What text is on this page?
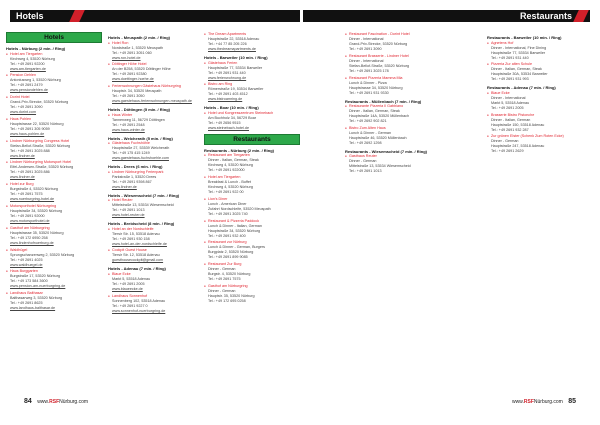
Hotels	Restaurants
Hotels
Hotels - Nürburg (2 min. / Ring)
● Hotel am Tiergarten
Kirchweg 4, 53520 Nürburg
Tel.: +49 2691 92200
www.am-tiergarten.de
● Pension Dehlen
Antoniusweg 1, 53520 Nürburg
Tel.: +49 2691 2479
www.pensiondehlen.de
● Dorint Hotel
Grand-Prix-Strecke, 53520 Nürburg
Tel.: +49 2691 3090
www.dorint.com
● Haus Pohlen
Hauptstrasse 22, 53520 Nürburg
Tel.: +49 2691 305 9059
www.haus-pohlen.de
● Lindner Nürburgring Congress Hotel
Stefan-Bellof-Straße, 53520 Nürburg
Tel.: +49 2691 3025 888
www.lindner.de
● Lindner Nürburgring Motorsport Hotel
Eifel-Andersen-Straße, 53520 Nürburg
Tel.: +49 2691 3025 886
www.lindner.de
● Hotel zur Burg
Burgstraße 4, 53520 Nürburg
Tel.: +49 2691 7575
www.nuerburgring-hotel.de
● Motorsporthotel Nürburgring
Hauptstraße 34, 53520 Nürburg
Tel.: +49 2691 92000
www.motorsporthotel.de
● Gasthof am Nürburgring
Hauptstrasse 35, 53520 Nürburg
Tel.: +49 172 6950 258
www.lindenhofnuerburg.de
● Waldhügel
Sprungschanzenweg 2, 53520 Nürburg
Tel.: +49 2691 4025
www.waldhuegel.de
● Haus Burggarten
Burgstraße 17, 53520 Nürburg
Tel.: +49 173 584 3600
www.pension-am-nuerburgring.de
● Landhaus Balthasar
Balthasarweg 3, 53520 Nürburg
Tel.: +49 2691 8625
www.landhaus-balthasar.de
Hotels - Meuspath (2 min. / Ring)
● Hotel Ron
Nordstraße 1, 53520 Meuspath
Tel.: +49 2691 3051 060
www.ron-hotel.de
● Döttinger Höhe Hotel
An der B258, 53520 Döttinger Höhe
Tel.: +49 2691 92380
www.doettinger-hoehe.de
● Ferienwohnungen Gästehaus Nürburgring
Hauptstr. 34, 53520 Meuspath
Tel.: +49 2691 3050
www.gaestehaus-ferienwohnungen-meuspath.de
Hotels - Döttingen (5 min. / Ring)
● Haus Winter
Tannenweg 11, 56729 Döttingen
Tel.: +49 2691 2548
www.haus-winter.de
Hotels - Welcherath (5 min. / Ring)
● Gästehaus Fuchshöhle
Hauptstraße 27, 53539 Welcherath
Tel.: +49 175 415 1249
www.gaestehaus-fuchshoehle.com
Hotels - Drees (6 min. / Ring)
● Lindner Nürburgring Ferienpark
Parkstraße 1, 53520 Drees
Tel.: +49 2691 9398 867
www.lindner.de
Hotels - Wiesemscheid (7 min. / Ring)
● Hotel Reuter
Mittelstraße 13, 53534 Wiesemscheid
Tel.: +49 2691 1013
www.hotel-reuter.de
Hotels - Breidscheid (8 min. / Ring)
● Hotel an der Nordschleife
Tiersir Str. 15, 53518 Adenau
Tel.: +49 2691 930 158
www.hotel-an-der-nordschleife.de
● Cockpit Guest House
Tiersir Str. 12, 53518 Adenau
guesthousecockpit@gmail.com
Hotels - Adenau (7 min. / Ring)
● Blaue Ecke
Markt 5, 53518 Adenau
Tel.: +49 2691 2005
www.blaueecke.de
● Landhaus Sonnenhof
Sonnenberg 102, 53518 Adenau
Tel.: +49 2691 9227 0
www.sonnenhof-nuerburgring.de
● The Dream Apartments
Hauptstraße 22, 53518 Adenau
Tel.: +44 77 85 205 226
www.thedreamapartments.de
Hotels - Barweiler (10 min. / Ring)
● Gästehaus Ferien
Hauptstraße 77, 53534 Barweiler
Tel.: +49 2691 931 440
www.ferienwohnung.de
● Bistro am Ring
Römerstraße 19, 53534 Barweiler
Tel.: +49 2691 403 4512
www.bistroamring.de
Hotels - Boar (10 min. / Ring)
● Hotel und Kongresszentrum Steinebach
Am Buchholz 34, 56729 Boar
Tel.: +49 2656 9515
www.steinebach-hotel.de
Restaurants
Restaurants - Nürburg (2 min. / Ring)
● Restaurant am Tiergarten
Dinner - Italian, German, Steak
Kirchweg 4, 53520 Nürburg
Tel.: +49 2691 922000
● Hotel am Tiergarten
Breakfast & Lunch - Buffet
Kirchweg 4, 53520 Nürburg
Tel.: +49 2691 922 00
● Lion's Diner
Lunch - American Diner
Zufahrt Nordschleife, 53520 Meuspath
Tel.: +49 2691 3025 740
● Restaurant & Pizzeria Paddock
Lunch & Dinner - Italian, German
Hauptstraße 34, 53520 Nürburg
Tel.: +49 2691 932 400
● Restaurant zur Nürburg
Lunch & Dinner - German, Burgers
Burgplatz 2, 53520 Nürburg
Tel.: +49 2691 899 9085
● Restaurant Zur Burg
Dinner - German
Burgstr. 4, 53520 Nürburg
Tel.: +49 2691 7575
● Gasthof am Nürburgring
Dinner - German
Hauptstr. 35, 53520 Nürburg
Tel.: +49 172 695 0258
● Restaurant Fascination - Dorint Hotel
Dinner - International
Grand-Prix-Strecke, 53520 Nürburg
Tel.: +49 2691 3090
● Restaurant Brasserie - Lindner Hotel
Dinner - International
Stefan-Bellof-Straße, 53520 Nürburg
Tel.: +49 2691 3025 178
● Restaurant Pizzeria Mamma Mia
Lunch & Dinner - Pizza
Hauptstrasse 34, 53520 Nürburg
Tel.: +49 2691 931 9330
Restaurants - Müllenbach (7 min. / Ring)
● Restaurante Pizzeria Il Gabbiano
Dinner - Italian, German, Steak
Hauptstraße 14A, 53520 Müllenbach
Tel.: +49 2692 902 821
● Bistro Zum Alten Haus
Lunch & Dinner - German
Hauptstraße 46, 53520 Müllenbach
Tel.: +49 2692 1298
Restaurants - Wiesemscheid (7 min. / Ring)
● Gasthaus Reuter
Dinner - German
Mittelstraße 13, 53534 Wiesemscheid
Tel.: +49 2691 1013
Restaurants - Barweiler (10 min. / Ring)
● Agnetens Hof
Dinner - International, Fine Dining
Hauptstraße 77, 53534 Barweiler
Tel.: +49 2691 931 440
● Pizzeria Zur alten Schule
Dinner - Italian, German, Steak
Hauptstraße 30A, 53534 Barweiler
Tel.: +49 2691 931 993
Restaurants - Adenau (7 min. / Ring)
● Blaue Ecke
Dinner - International
Markt 5, 53518 Adenau
Tel.: +49 2691 2005
● Brasserie Bistro Pistonche
Dinner - Italian, German
Hauptstraße 150, 53518 Adenau
Tel.: +49 2691 932 287
● Zur grünen Elster (Schenk Zum Roten Ecke)
Dinner - German
Hauptstraße 247, 53518 Adenau
Tel.: +49 2691 2629
84 www.RSFNürburg.com	www.RSFNürburg.com 85
